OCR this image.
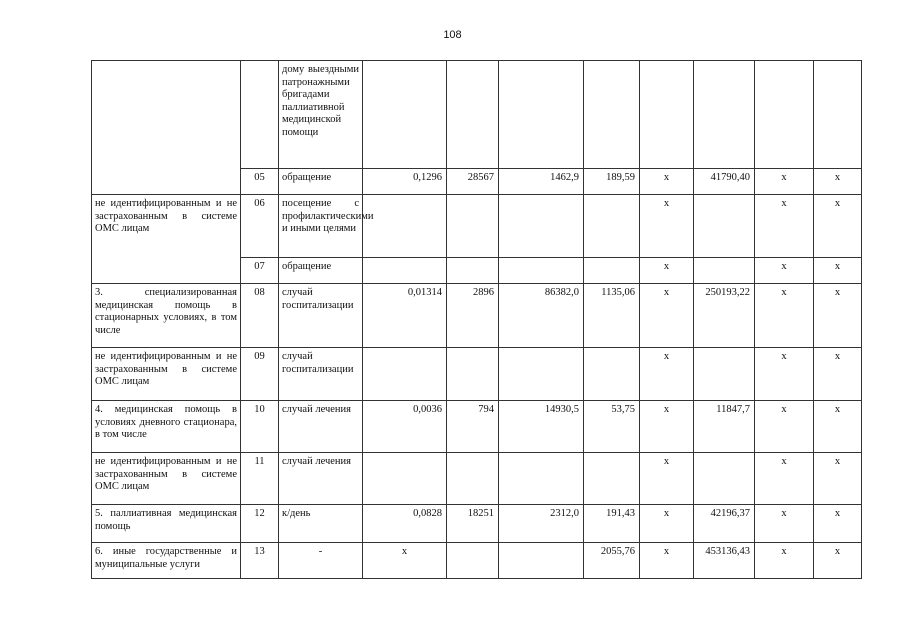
108
		дому выездными патронажными бригадами паллиативной медицинской помощи								
	05	обращение	0,1296	28567	1462,9	189,59	х	41790,40	х	х
не идентифицированным и не застрахованным в системе ОМС лицам	06	посещение с профилактическими и иными целями					х		х	х
	07	обращение					х		х	х
3. специализированная медицинская помощь в стационарных условиях, в том числе	08	случай госпитализации	0,01314	2896	86382,0	1135,06	х	250193,22	х	х
не идентифицированным и не застрахованным в системе ОМС лицам	09	случай госпитализации					х		х	х
4. медицинская помощь в условиях дневного стационара, в том числе	10	случай лечения	0,0036	794	14930,5	53,75	х	11847,7	х	х
не идентифицированным и не застрахованным в системе ОМС лицам	11	случай лечения					х		х	х
5. паллиативная медицинская помощь	12	к/день	0,0828	18251	2312,0	191,43	х	42196,37	х	х
6. иные государственные и муниципальные услуги	13	-	х			2055,76	х	453136,43	х	х
